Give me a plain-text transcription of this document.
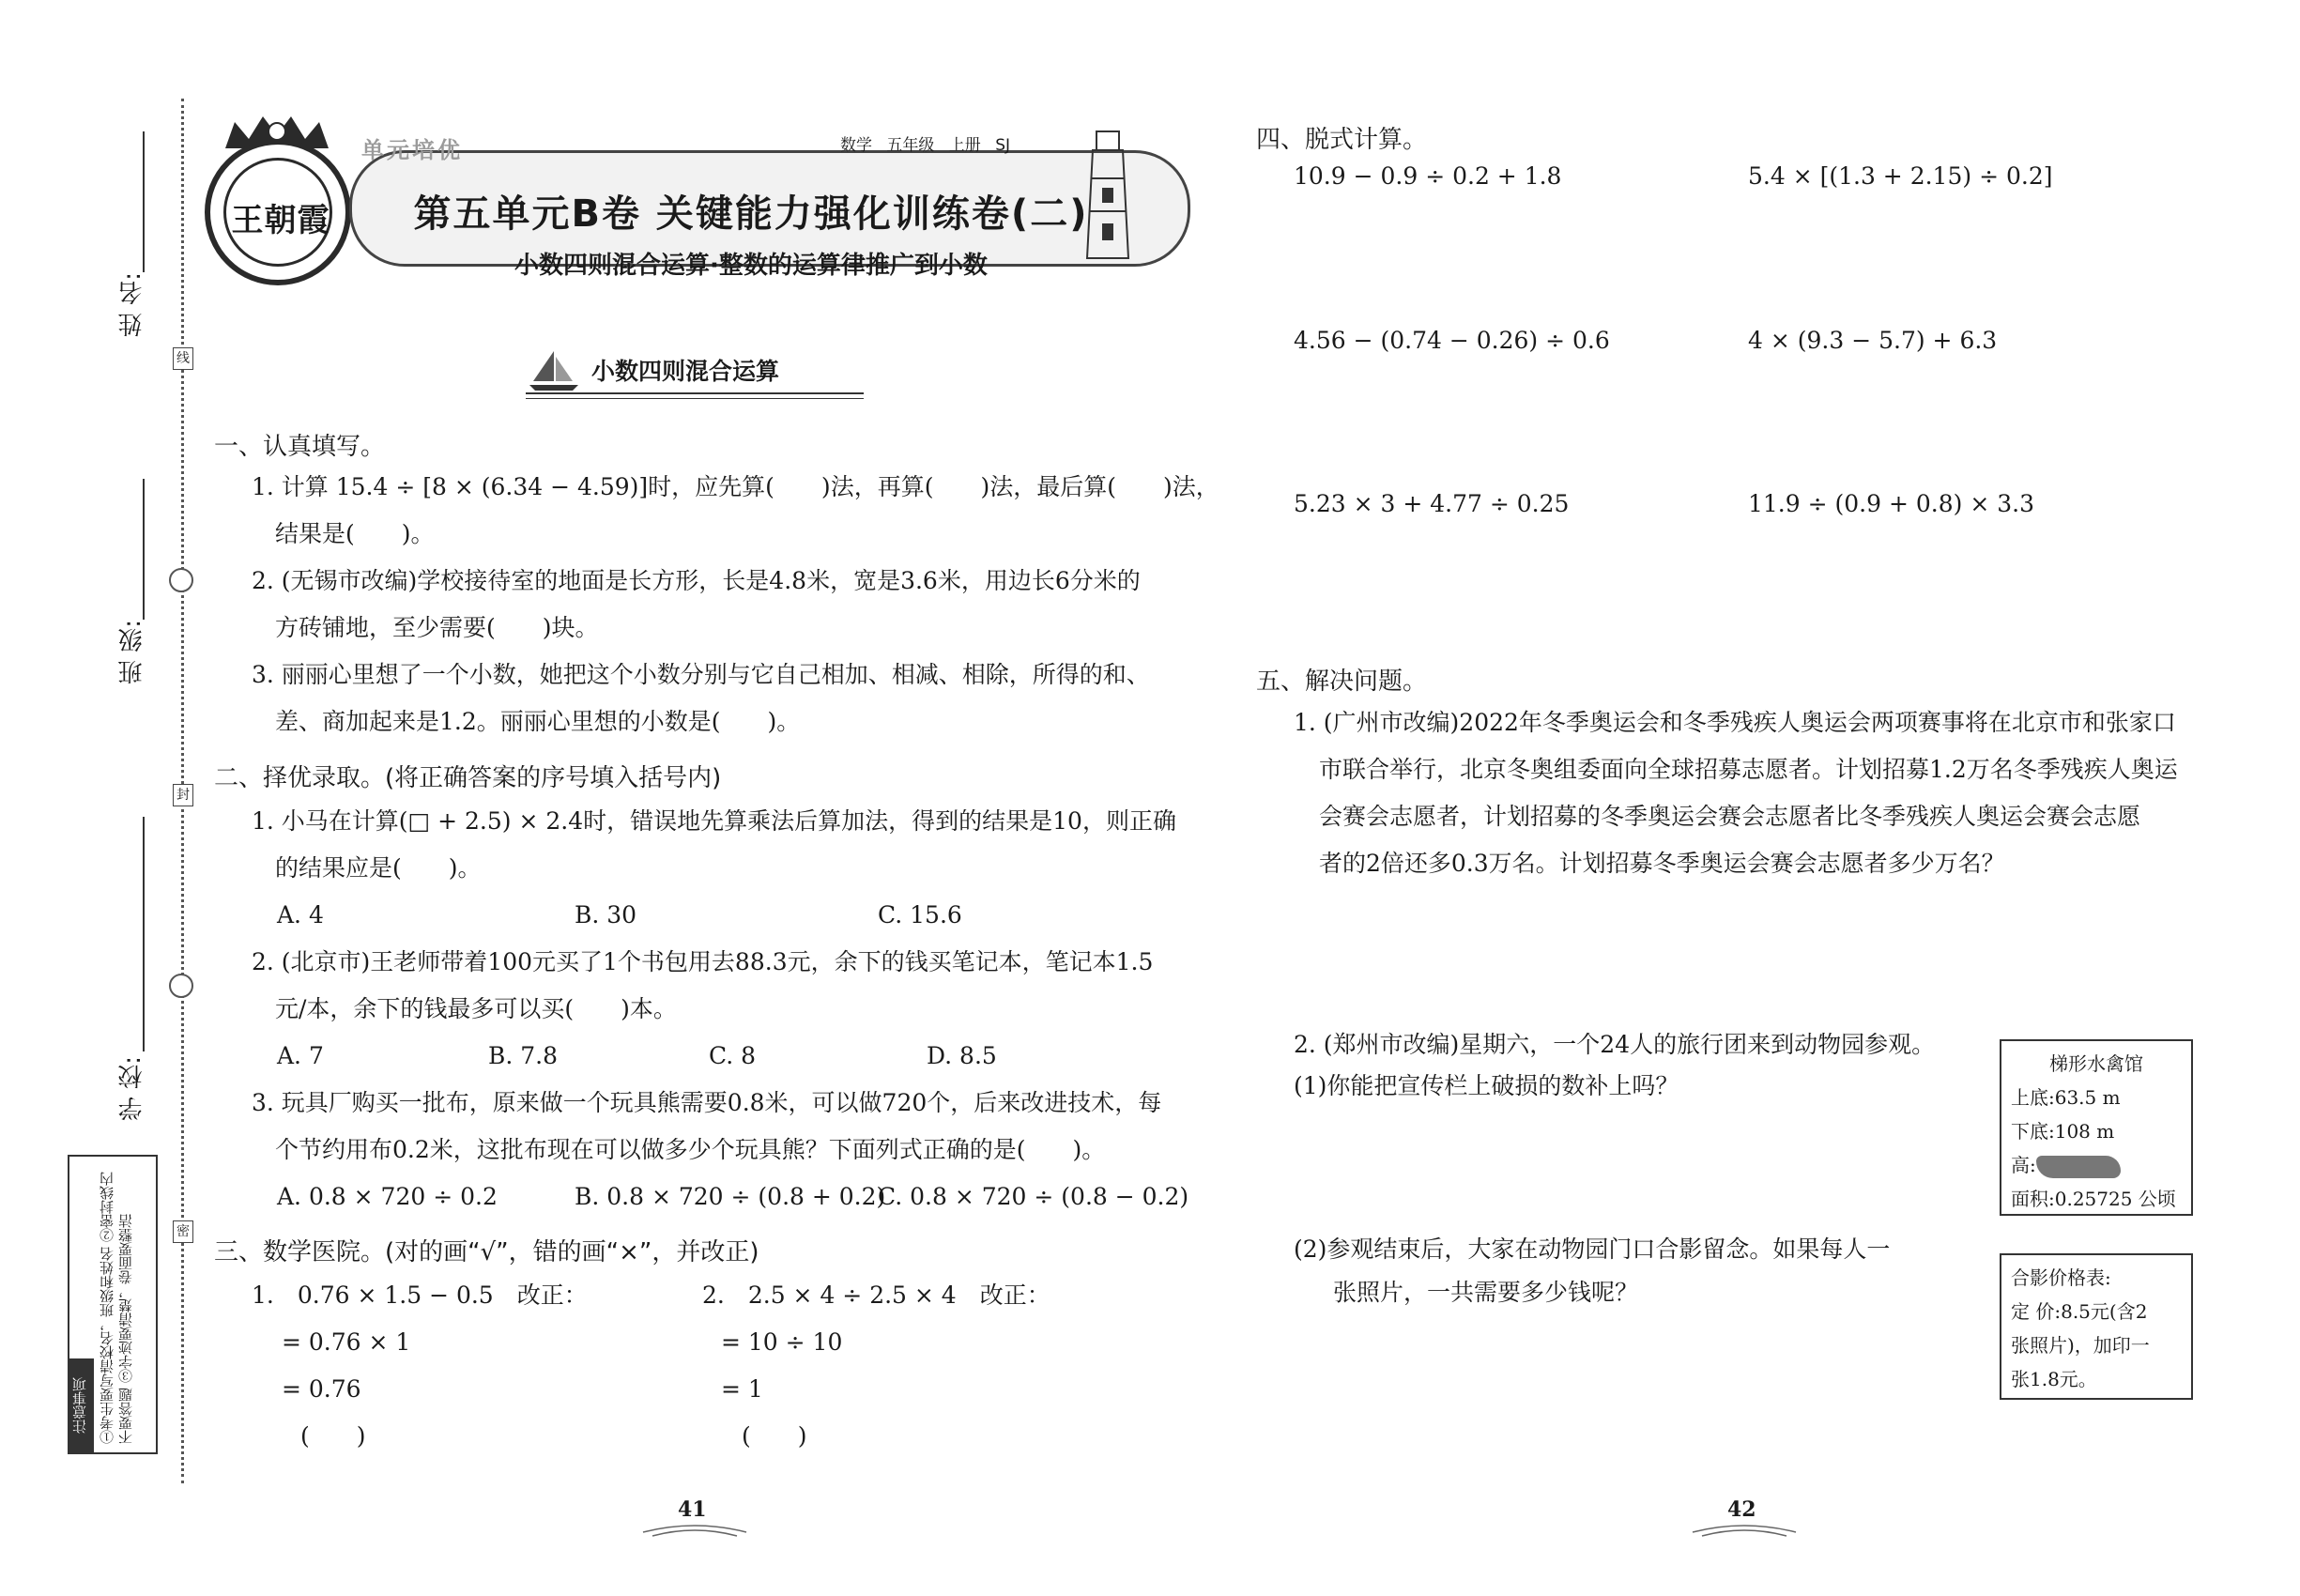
姓 名:
班 级:
学 校:
线
封
密
注意事项 ①考生要写清校名，班级和姓名 ②密封线内不要答题 ③字迹要清楚，卷面要整洁
王朝霞
单元培优	数学 五年级 上册 SJ
第五单元B卷 关键能力强化训练卷(二)
小数四则混合运算·整数的运算律推广到小数
小数四则混合运算
一、认真填写。
1. 计算 15.4 ÷ [8 × (6.34 − 4.59)]时，应先算(　　)法，再算(　　)法，最后算(　　)法，
结果是(　　)。
2. (无锡市改编)学校接待室的地面是长方形，长是4.8米，宽是3.6米，用边长6分米的
方砖铺地，至少需要(　　)块。
3. 丽丽心里想了一个小数，她把这个小数分别与它自己相加、相减、相除，所得的和、
差、商加起来是1.2。丽丽心里想的小数是(　　)。
二、择优录取。(将正确答案的序号填入括号内)
1. 小马在计算(□ + 2.5) × 2.4时，错误地先算乘法后算加法，得到的结果是10，则正确
的结果应是(　　)。
A. 4	B. 30	C. 15.6
2. (北京市)王老师带着100元买了1个书包用去88.3元，余下的钱买笔记本，笔记本1.5
元/本，余下的钱最多可以买(　　)本。
A. 7	B. 7.8	C. 8	D. 8.5
3. 玩具厂购买一批布，原来做一个玩具熊需要0.8米，可以做720个，后来改进技术，每
个节约用布0.2米，这批布现在可以做多少个玩具熊？下面列式正确的是(　　)。
A. 0.8 × 720 ÷ 0.2	B. 0.8 × 720 ÷ (0.8 + 0.2)
C. 0.8 × 720 ÷ (0.8 − 0.2)
三、数学医院。(对的画“√”，错的画“×”，并改正)
1.　0.76 × 1.5 − 0.5　改正：
= 0.76 × 1
= 0.76
(　　)
2.　2.5 × 4 ÷ 2.5 × 4　改正：
= 10 ÷ 10
= 1
(　　)
41
四、脱式计算。
10.9 − 0.9 ÷ 0.2 + 1.8	5.4 × [(1.3 + 2.15) ÷ 0.2]
4.56 − (0.74 − 0.26) ÷ 0.6	4 × (9.3 − 5.7) + 6.3
5.23 × 3 + 4.77 ÷ 0.25	11.9 ÷ (0.9 + 0.8) × 3.3
五、解决问题。
1. (广州市改编)2022年冬季奥运会和冬季残疾人奥运会两项赛事将在北京市和张家口
市联合举行，北京冬奥组委面向全球招募志愿者。计划招募1.2万名冬季残疾人奥运
会赛会志愿者，计划招募的冬季奥运会赛会志愿者比冬季残疾人奥运会赛会志愿
者的2倍还多0.3万名。计划招募冬季奥运会赛会志愿者多少万名？
2. (郑州市改编)星期六，一个24人的旅行团来到动物园参观。
(1)你能把宣传栏上破损的数补上吗？
(2)参观结束后，大家在动物园门口合影留念。如果每人一
张照片，一共需要多少钱呢？
梯形水禽馆
上底:63.5 m
下底:108 m
高:
面积:0.25725 公顷
合影价格表:
定 价:8.5元(含2
张照片)，加印一
张1.8元。
42
